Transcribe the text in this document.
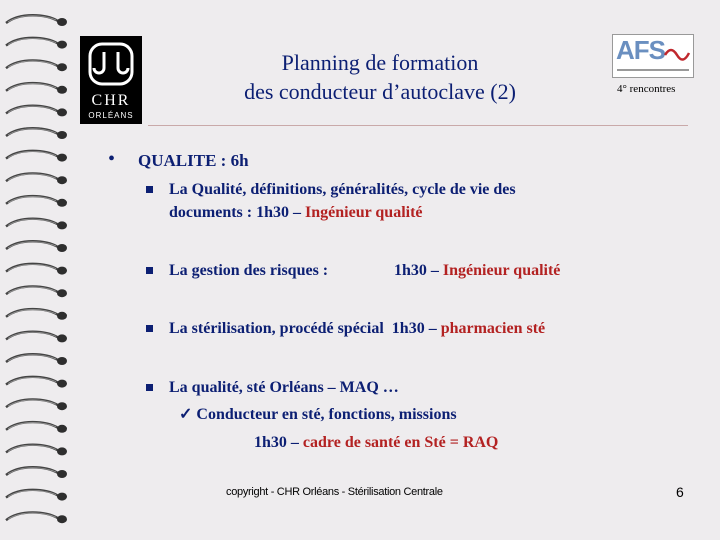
CHR
ORLÉANS
AFS
Planning de formation
des conducteur d’autoclave (2)	4° rencontres
• QUALITE : 6h
La Qualité, définitions, généralités, cycle de vie des
documents : 1h30 – Ingénieur qualité
La gestion des risques :	1h30 – Ingénieur qualité
La stérilisation, procédé spécial 1h30 – pharmacien sté
La qualité, sté Orléans – MAQ …
✓ Conducteur en sté, fonctions, missions
1h30 – cadre de santé en Sté = RAQ
copyright - CHR Orléans - Stérilisation Centrale	6
